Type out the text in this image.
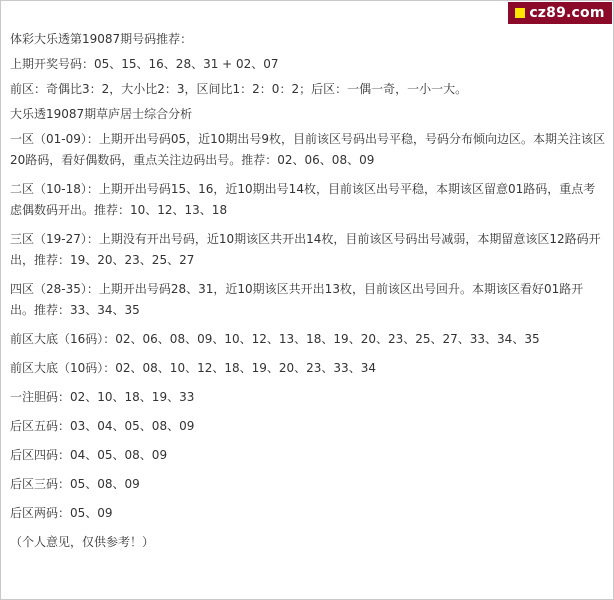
cz89.com

体彩大乐透第19087期号码推荐：

上期开奖号码：05、15、16、28、31 + 02、07

前区：奇偶比3：2，大小比2：3，区间比1：2：0：2；后区：一偶一奇，一小一大。

大乐透19087期草庐居士综合分析

一区（01-09）：上期开出号码05，近10期出号9枚，目前该区号码出号平稳，号码分布倾向边区。本期关注该区20路码，看好偶数码，重点关注边码出号。推荐：02、06、08、09

二区（10-18）：上期开出号码15、16，近10期出号14枚，目前该区出号平稳，本期该区留意01路码，重点考虑偶数码开出。推荐：10、12、13、18

三区（19-27）：上期没有开出号码，近10期该区共开出14枚，目前该区号码出号减弱，本期留意该区12路码开出，推荐：19、20、23、25、27

四区（28-35）：上期开出号码28、31，近10期该区共开出13枚，目前该区出号回升。本期该区看好01路开出。推荐：33、34、35

前区大底（16码）：02、06、08、09、10、12、13、18、19、20、23、25、27、33、34、35

前区大底（10码）：02、08、10、12、18、19、20、23、33、34

一注胆码：02、10、18、19、33

后区五码：03、04、05、08、09

后区四码：04、05、08、09

后区三码：05、08、09

后区两码：05、09

（个人意见，仅供参考！）
